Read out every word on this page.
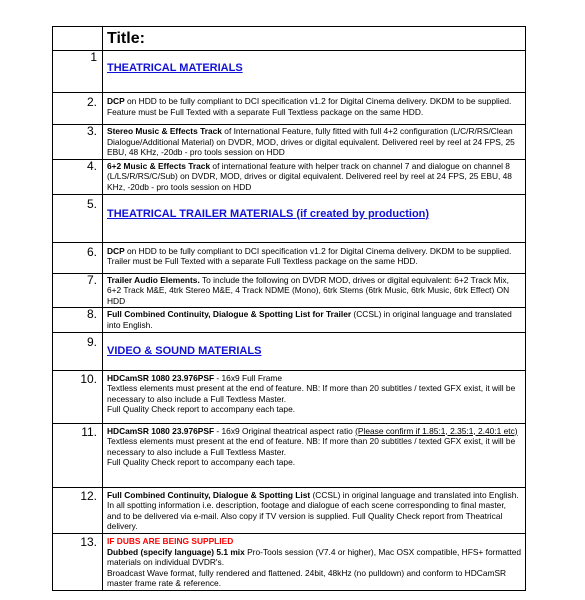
	Title:

1	THEATRICAL MATERIALS
2.	DCP on HDD to be fully compliant to DCI specification v1.2 for Digital Cinema delivery. DKDM to be supplied. Feature must be Full Texted with a separate Full Textless package on the same HDD.
3.	Stereo Music & Effects Track of International Feature, fully fitted with full 4+2 configuration (L/C/R/RS/Clean Dialogue/Additional Material) on DVDR, MOD, drives or digital equivalent. Delivered reel by reel at 24 FPS, 25 EBU, 48 KHz, -20db - pro tools session on HDD
4.	6+2 Music & Effects Track of international feature with helper track on channel 7 and dialogue on channel 8 (L/LS/R/RS/C/Sub) on DVDR, MOD, drives or digital equivalent. Delivered reel by reel at 24 FPS, 25 EBU, 48 KHz, -20db - pro tools session on HDD
5.	THEATRICAL TRAILER MATERIALS (if created by production)
6.	DCP on HDD to be fully compliant to DCI specification v1.2 for Digital Cinema delivery. DKDM to be supplied. Trailer must be Full Texted with a separate Full Textless package on the same HDD.
7.	Trailer Audio Elements. To include the following on DVDR MOD, drives or digital equivalent: 6+2 Track Mix, 6+2 Track M&E, 4trk Stereo M&E, 4 Track NDME (Mono), 6trk Stems (6trk Music, 6trk Music, 6trk Effect) ON HDD
8.	Full Combined Continuity, Dialogue & Spotting List for Trailer (CCSL) in original language and translated into English.
9.	VIDEO & SOUND MATERIALS
10.	HDCamSR 1080 23.976PSF - 16x9 Full Frame

Textless elements must present at the end of feature. NB: If more than 20 subtitles / texted GFX exist, it will be necessary to also include a Full Textless Master.

Full Quality Check report to accompany each tape.

11.	HDCamSR 1080 23.976PSF - 16x9 Original theatrical aspect ratio (Please confirm if 1.85:1, 2.35:1, 2.40:1 etc)

Textless elements must present at the end of feature. NB: If more than 20 subtitles / texted GFX exist, it will be necessary to also include a Full Textless Master.

Full Quality Check report to accompany each tape.

12.	Full Combined Continuity, Dialogue & Spotting List (CCSL) in original language and translated into English. In all spotting information i.e. description, footage and dialogue of each scene corresponding to final master, and to be delivered via e-mail. Also copy if TV version is supplied. Full Quality Check report from Theatrical delivery.
13.	IF DUBS ARE BEING SUPPLIED

Dubbed (specify language) 5.1 mix Pro-Tools session (V7.4 or higher), Mac OSX compatible, HFS+ formatted materials on individual DVDR's.

Broadcast Wave format, fully rendered and flattened. 24bit, 48kHz (no pulldown) and conform to HDCamSR master frame rate & reference.
